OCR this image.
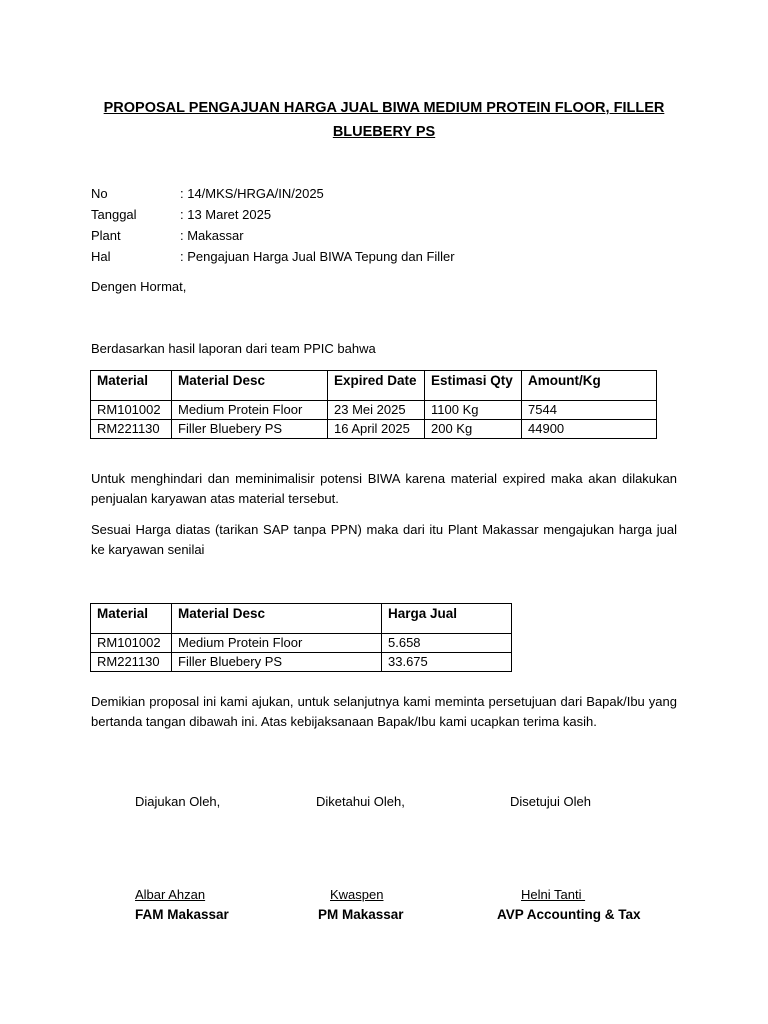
PROPOSAL PENGAJUAN HARGA JUAL BIWA MEDIUM PROTEIN FLOOR, FILLER
BLUEBERY PS
No	: 14/MKS/HRGA/IN/2025
Tanggal	: 13 Maret 2025
Plant	: Makassar
Hal	: Pengajuan Harga Jual BIWA Tepung dan Filler
Dengen Hormat,
Berdasarkan hasil laporan dari team PPIC bahwa
Material	Material Desc	Expired Date	Estimasi Qty	Amount/Kg
RM101002	Medium Protein Floor	23 Mei 2025	1100 Kg	7544
RM221130	Filler Bluebery PS	16 April 2025	200 Kg	44900
Untuk menghindari dan meminimalisir potensi BIWA karena material expired maka akan dilakukan penjualan karyawan atas material tersebut.
Sesuai Harga diatas (tarikan SAP tanpa PPN) maka dari itu Plant Makassar mengajukan harga jual ke karyawan senilai
Material	Material Desc	Harga Jual
RM101002	Medium Protein Floor	5.658
RM221130	Filler Bluebery PS	33.675
Demikian proposal ini kami ajukan, untuk selanjutnya kami meminta persetujuan dari Bapak/Ibu yang bertanda tangan dibawah ini. Atas kebijaksanaan Bapak/Ibu kami ucapkan terima kasih.
Diajukan Oleh,	Diketahui Oleh,	Disetujui Oleh
Albar Ahzan	Kwaspen	Helni Tanti
FAM Makassar	PM Makassar	AVP Accounting & Tax
